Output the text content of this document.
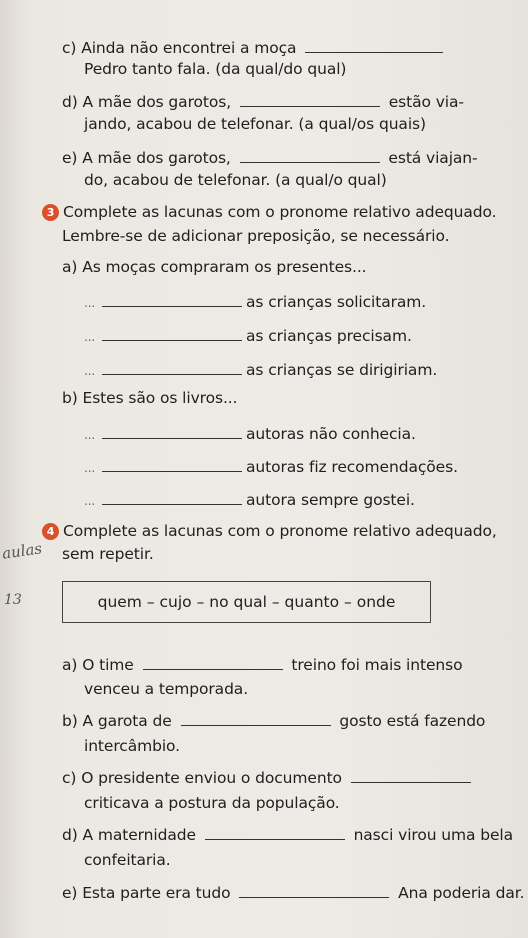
c) Ainda não encontrei a moça
Pedro tanto fala. (da qual/do qual)
d) A mãe dos garotos,	estão via-
jando, acabou de telefonar. (a qual/os quais)
e) A mãe dos garotos,	está viajan-
do, acabou de telefonar. (a qual/o qual)
3 Complete as lacunas com o pronome relativo adequado.
Lembre-se de adicionar preposição, se necessário.
a) As moças compraram os presentes...
...	as crianças solicitaram.
...	as crianças precisam.
...	as crianças se dirigiriam.
b) Estes são os livros...
...	autoras não conhecia.
...	autoras fiz recomendações.
...	autora sempre gostei.
4 Complete as lacunas com o pronome relativo adequado,
sem repetir.
aulas
13	quem – cujo – no qual – quanto – onde
a) O time	treino foi mais intenso
venceu a temporada.
b) A garota de	gosto está fazendo
intercâmbio.
c) O presidente enviou o documento
criticava a postura da população.
d) A maternidade	nasci virou uma bela
confeitaria.
e) Esta parte era tudo	Ana poderia dar.
